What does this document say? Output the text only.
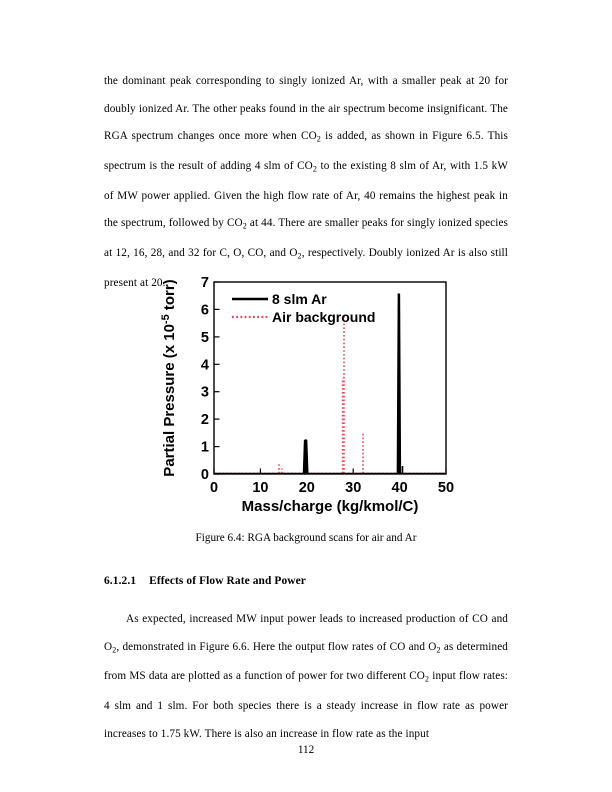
the dominant peak corresponding to singly ionized Ar, with a smaller peak at 20 for doubly ionized Ar. The other peaks found in the air spectrum become insignificant. The RGA spectrum changes once more when $CO_2$ is added, as shown in Figure 6.5. This spectrum is the result of adding 4 slm of $CO_2$ to the existing 8 slm of Ar, with 1.5 kW of MW power applied. Given the high flow rate of Ar, 40 remains the highest peak in the spectrum, followed by $CO_2$ at 44. There are smaller peaks for singly ionized species at 12, 16, 28, and 32 for C, O, CO, and $O_2$, respectively. Doubly ionized Ar is also still present at 20.

0
1
2
3
4
5
6
7
0 10 20 30 40 50
Mass/charge (kg/kmol/C)
Partial Pressure (x $10^{-5}$ torr)	8 slm Ar
Air background

Figure 6.4: RGA background scans for air and Ar

6.1.2.1 Effects of Flow Rate and Power

As expected, increased MW input power leads to increased production of CO and $O_2$, demonstrated in Figure 6.6. Here the output flow rates of CO and $O_2$ as determined from MS data are plotted as a function of power for two different $CO_2$ input flow rates: 4 slm and 1 slm. For both species there is a steady increase in flow rate as power increases to 1.75 kW. There is also an increase in flow rate as the input

112
